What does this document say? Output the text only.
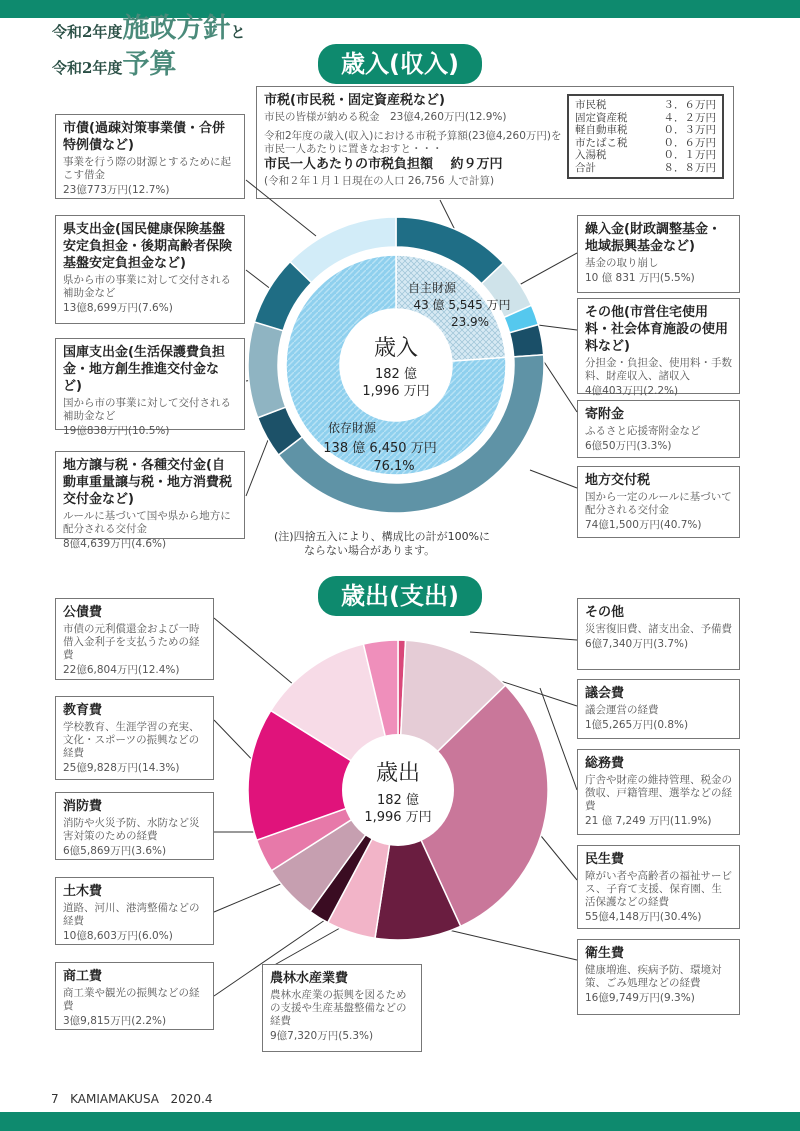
令和2年度施政方針と
令和2年度予算	歳入(収入)
市税(市民税・固定資産税など)
市民の皆様が納める税金　23億4,260万円(12.9%)
令和2年度の歳入(収入)における市税予算額(23億4,260万円)を市民一人あたりに置きなおすと・・・
市民一人あたりの市税負担額　 約９万円
(令和２年１月１日現在の人口 26,756 人で計算)
市民税	３．６万円
固定資産税	４．２万円
軽自動車税	０．３万円
市たばこ税	０．６万円
入湯税	０．１万円
合計	８．８万円
市債(過疎対策事業債・合併特例債など)
事業を行う際の財源とするために起こす借金
23億773万円(12.7%)
県支出金(国民健康保険基盤安定負担金・後期高齢者保険基盤安定負担金など)
県から市の事業に対して交付される補助金など
13億8,699万円(7.6%)
国庫支出金(生活保護費負担金・地方創生推進交付金など)
国から市の事業に対して交付される補助金など
19億838万円(10.5%)
地方譲与税・各種交付金(自動車重量譲与税・地方消費税交付金など)
ルールに基づいて国や県から地方に配分される交付金
8億4,639万円(4.6%)
繰入金(財政調整基金・地域振興基金など)
基金の取り崩し
10 億 831 万円(5.5%)
その他(市営住宅使用料・社会体育施設の使用料など)
分担金・負担金、使用料・手数料、財産収入、諸収入
4億403万円(2.2%)
寄附金
ふるさと応援寄附金など
6億50万円(3.3%)
地方交付税
国から一定のルールに基づいて配分される交付金
74億1,500万円(40.7%)
歳入
182 億
1,996 万円
自主財源
43 億 5,545 万円
23.9%
依存財源
138 億 6,450 万円
76.1%
(注)四捨五入により、構成比の計が100%に
ならない場合があります。
歳出(支出)
歳出
182 億
1,996 万円
公債費
市債の元利償還金および一時借入金利子を支払うための経費
22億6,804万円(12.4%)
教育費
学校教育、生涯学習の充実、文化・スポーツの振興などの経費
25億9,828万円(14.3%)
消防費
消防や火災予防、水防など災害対策のための経費
6億5,869万円(3.6%)
土木費
道路、河川、港湾整備などの経費
10億8,603万円(6.0%)
商工費
商工業や観光の振興などの経費
3億9,815万円(2.2%)
農林水産業費
農林水産業の振興を図るための支援や生産基盤整備などの経費
9億7,320万円(5.3%)
その他
災害復旧費、諸支出金、予備費
6億7,340万円(3.7%)
議会費
議会運営の経費
1億5,265万円(0.8%)
総務費
庁舎や財産の維持管理、税金の徴収、戸籍管理、選挙などの経費
21 億 7,249 万円(11.9%)
民生費
障がい者や高齢者の福祉サービス、子育て支援、保育園、生活保護などの経費
55億4,148万円(30.4%)
衛生費
健康増進、疾病予防、環境対策、ごみ処理などの経費
16億9,749万円(9.3%)
7 KAMIAMAKUSA 2020.4
